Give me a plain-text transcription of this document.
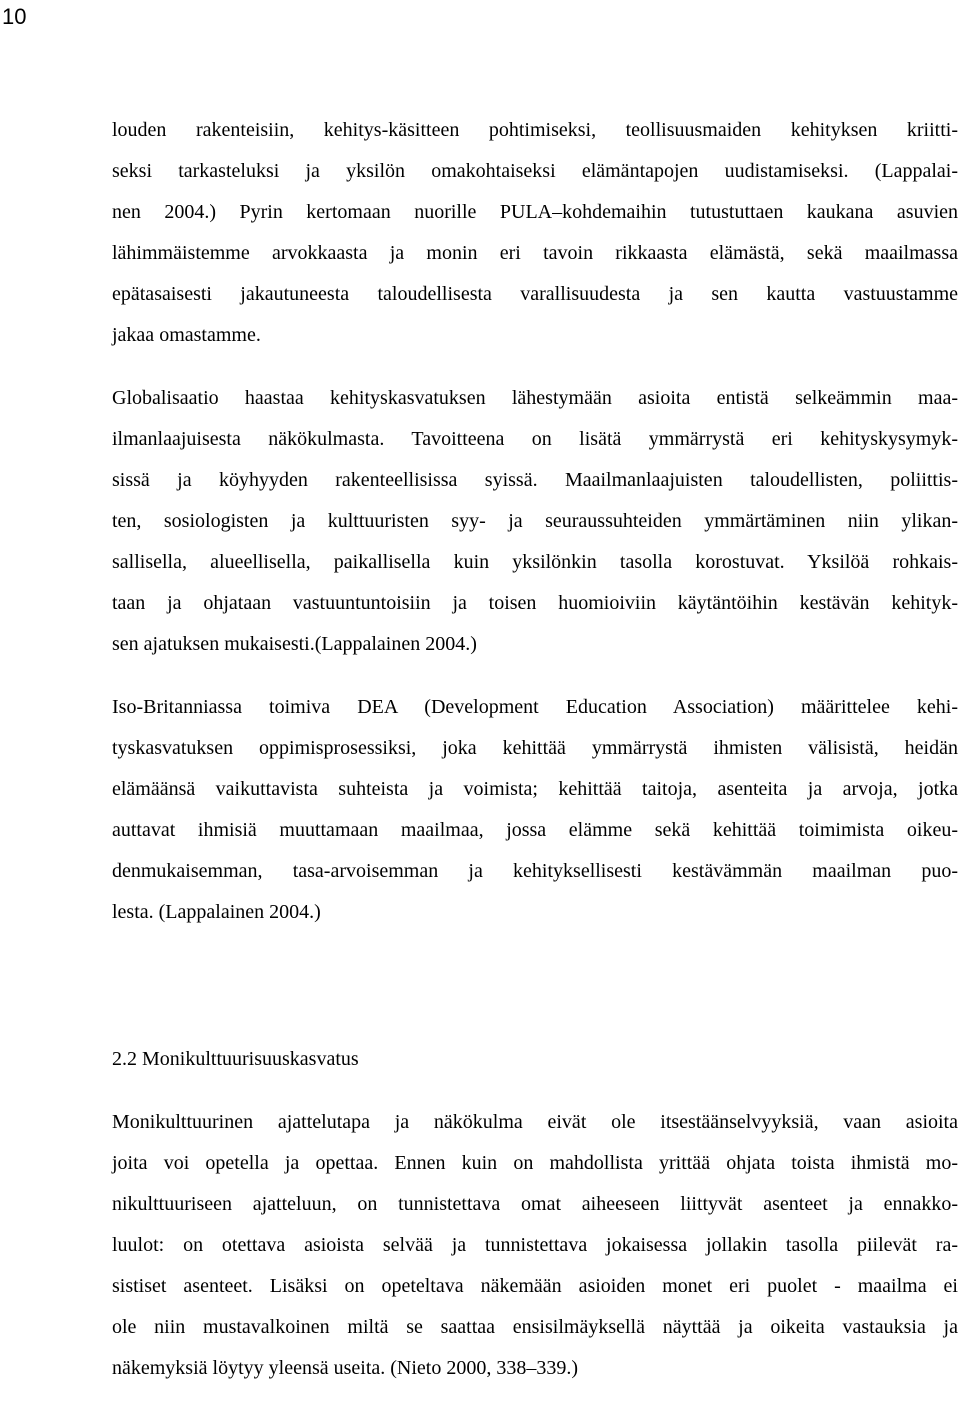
10
louden rakenteisiin, kehitys-käsitteen pohtimiseksi, teollisuusmaiden kehityksen kriitti-
seksi tarkasteluksi ja yksilön omakohtaiseksi elämäntapojen uudistamiseksi. (Lappalai-
nen 2004.) Pyrin kertomaan nuorille PULA–kohdemaihin tutustuttaen kaukana asuvien
lähimmäistemme arvokkaasta ja monin eri tavoin rikkaasta elämästä, sekä maailmassa
epätasaisesti jakautuneesta taloudellisesta varallisuudesta ja sen kautta vastuustamme
jakaa omastamme.
Globalisaatio haastaa kehityskasvatuksen lähestymään asioita entistä selkeämmin maa-
ilmanlaajuisesta näkökulmasta. Tavoitteena on lisätä ymmärrystä eri kehityskysymyk-
sissä ja köyhyyden rakenteellisissa syissä. Maailmanlaajuisten taloudellisten, poliittis-
ten, sosiologisten ja kulttuuristen syy- ja seuraussuhteiden ymmärtäminen niin ylikan-
sallisella, alueellisella, paikallisella kuin yksilönkin tasolla korostuvat. Yksilöä rohkais-
taan ja ohjataan vastuuntuntoisiin ja toisen huomioiviin käytäntöihin kestävän kehityk-
sen ajatuksen mukaisesti.(Lappalainen 2004.)
Iso-Britanniassa toimiva DEA (Development Education Association) määrittelee kehi-
tyskasvatuksen oppimisprosessiksi, joka kehittää ymmärrystä ihmisten välisistä, heidän
elämäänsä vaikuttavista suhteista ja voimista; kehittää taitoja, asenteita ja arvoja, jotka
auttavat ihmisiä muuttamaan maailmaa, jossa elämme sekä kehittää toimimista oikeu-
denmukaisemman, tasa-arvoisemman ja kehityksellisesti kestävämmän maailman puo-
lesta. (Lappalainen 2004.)
2.2 Monikulttuurisuuskasvatus
Monikulttuurinen ajattelutapa ja näkökulma eivät ole itsestäänselvyyksiä, vaan asioita
joita voi opetella ja opettaa. Ennen kuin on mahdollista yrittää ohjata toista ihmistä mo-
nikulttuuriseen ajatteluun, on tunnistettava omat aiheeseen liittyvät asenteet ja ennakko-
luulot: on otettava asioista selvää ja tunnistettava jokaisessa jollakin tasolla piilevät ra-
sistiset asenteet. Lisäksi on opeteltava näkemään asioiden monet eri puolet - maailma ei
ole niin mustavalkoinen miltä se saattaa ensisilmäyksellä näyttää ja oikeita vastauksia ja
näkemyksiä löytyy yleensä useita. (Nieto 2000, 338–339.)
